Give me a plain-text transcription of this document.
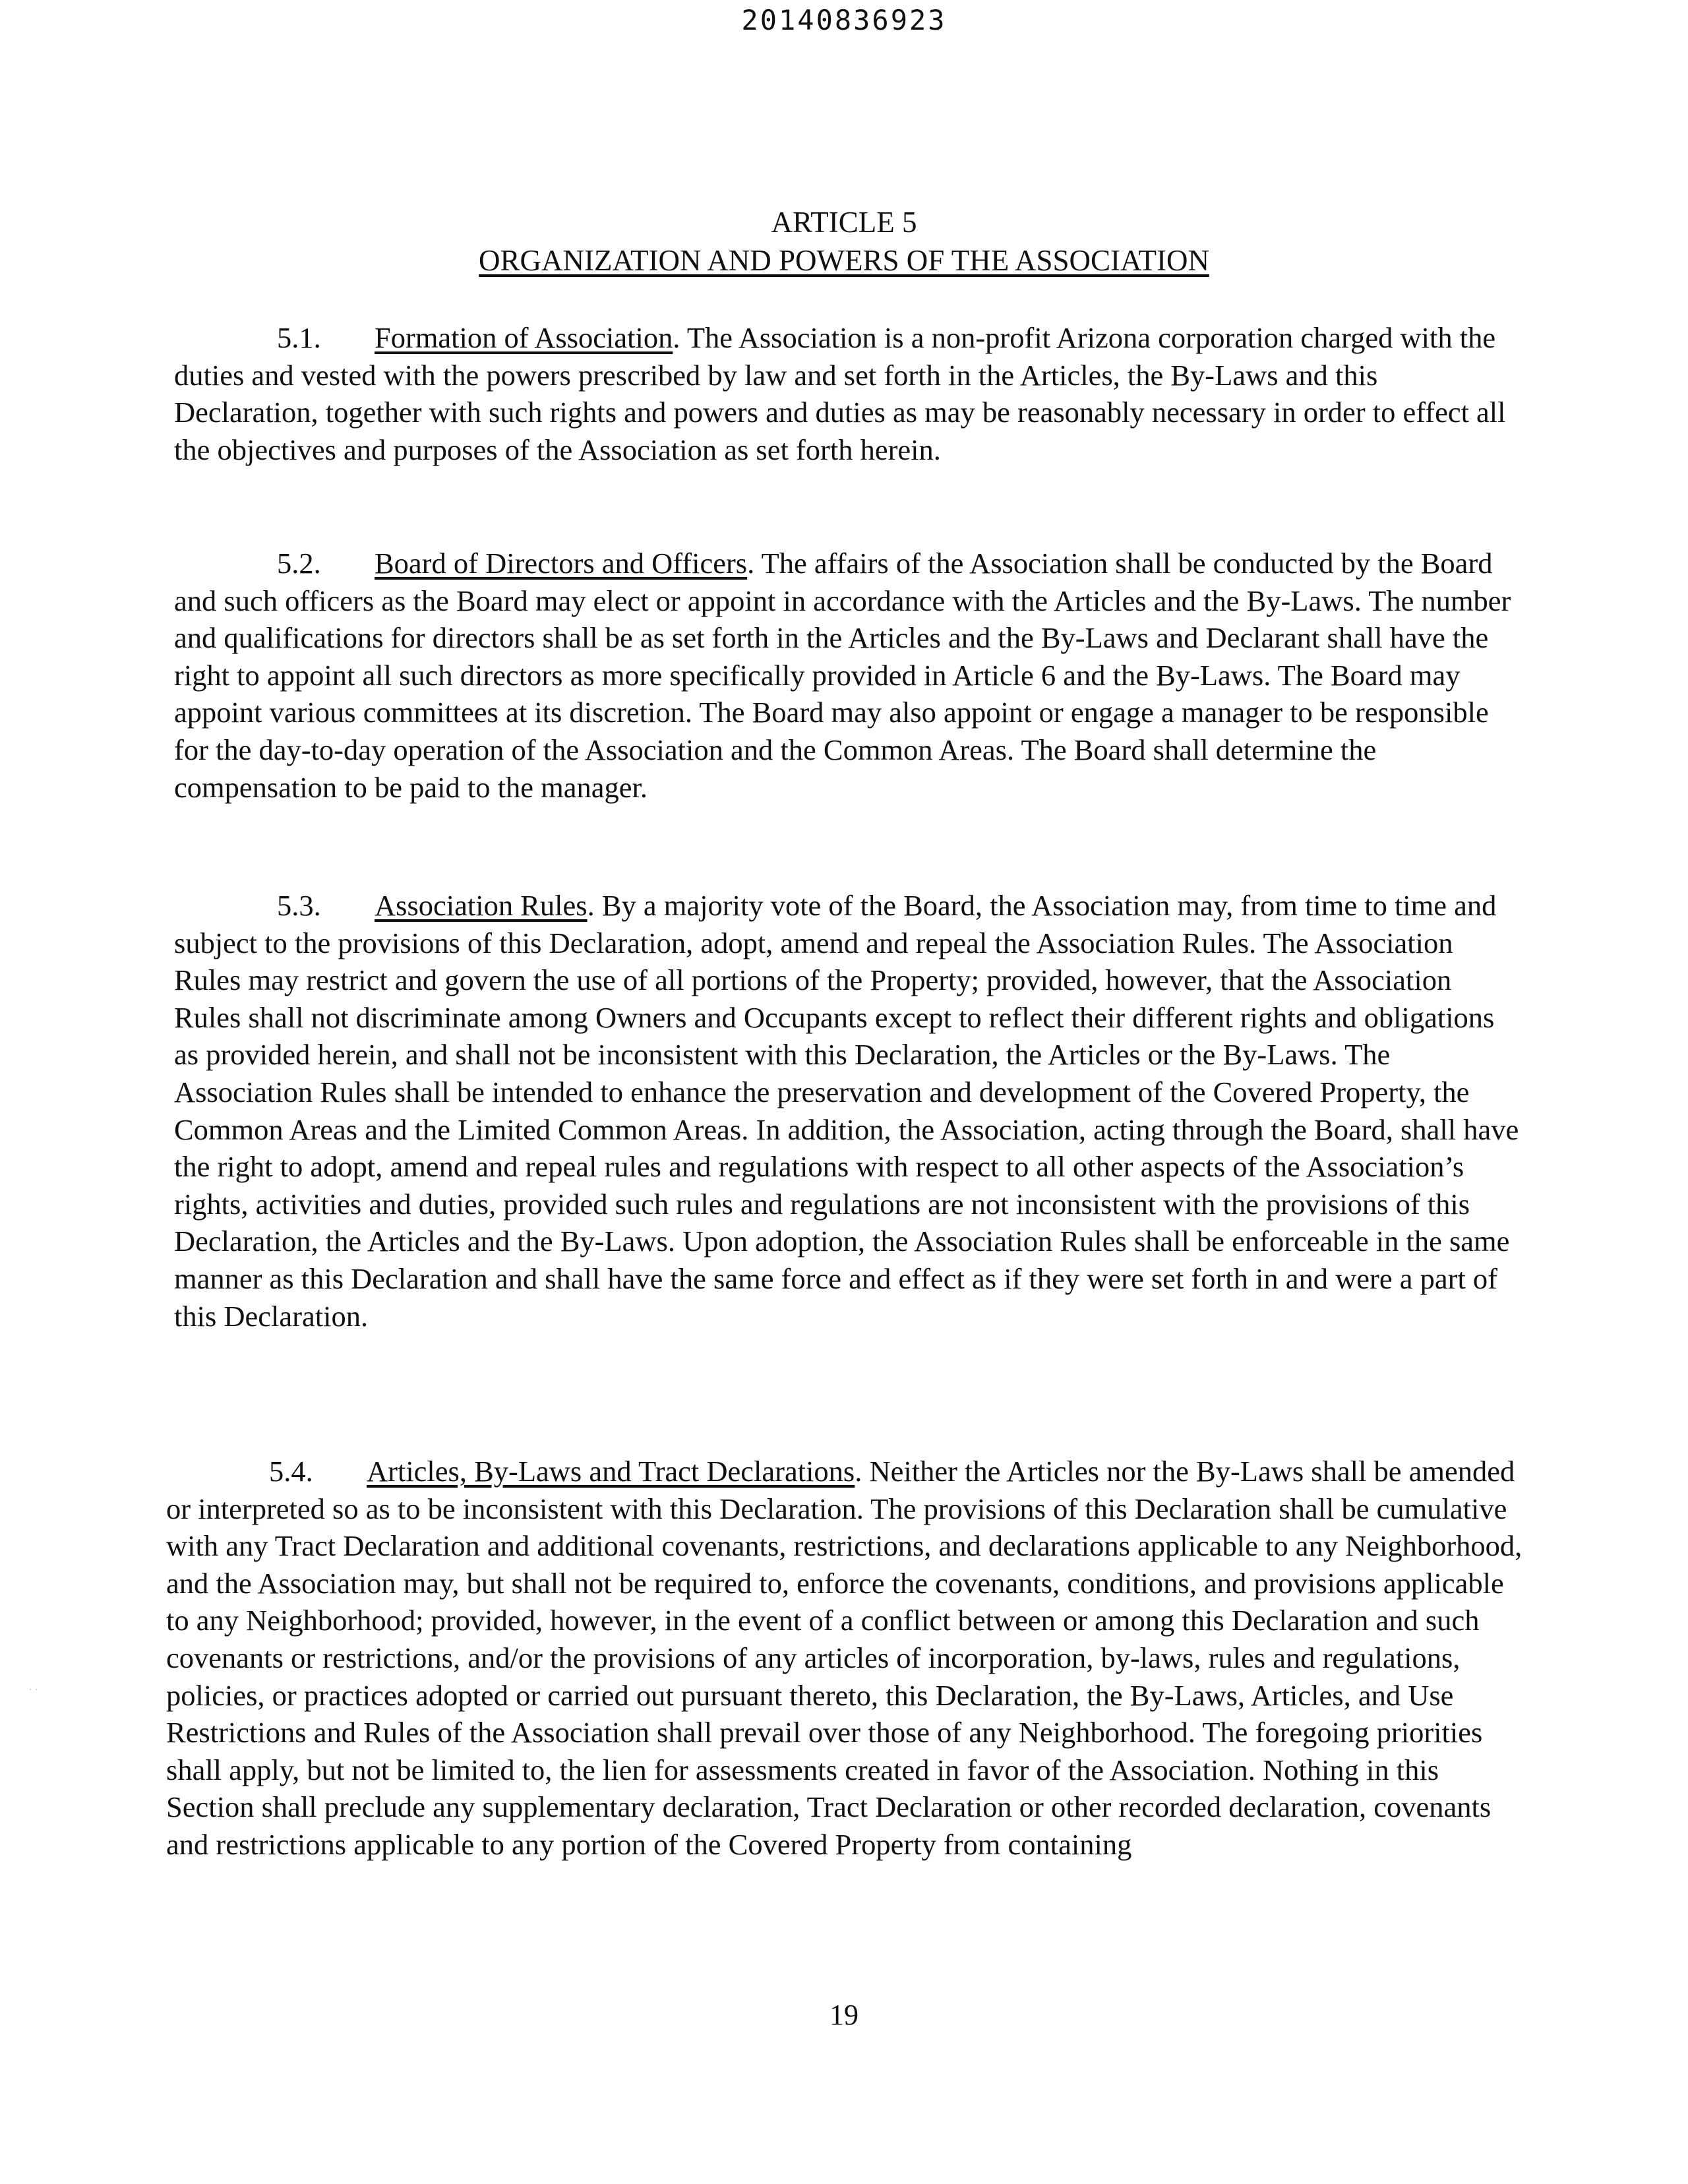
20140836923
ARTICLE 5
ORGANIZATION AND POWERS OF THE ASSOCIATION

5.1. Formation of Association. The Association is a non-profit Arizona corporation charged with the duties and vested with the powers prescribed by law and set forth in the Articles, the By-Laws and this Declaration, together with such rights and powers and duties as may be reasonably necessary in order to effect all the objectives and purposes of the Association as set forth herein.

5.2. Board of Directors and Officers. The affairs of the Association shall be conducted by the Board and such officers as the Board may elect or appoint in accordance with the Articles and the By-Laws. The number and qualifications for directors shall be as set forth in the Articles and the By-Laws and Declarant shall have the right to appoint all such directors as more specifically provided in Article 6 and the By-Laws. The Board may appoint various committees at its discretion. The Board may also appoint or engage a manager to be responsible for the day-to-day operation of the Association and the Common Areas. The Board shall determine the compensation to be paid to the manager.

5.3. Association Rules. By a majority vote of the Board, the Association may, from time to time and subject to the provisions of this Declaration, adopt, amend and repeal the Association Rules. The Association Rules may restrict and govern the use of all portions of the Property; provided, however, that the Association Rules shall not discriminate among Owners and Occupants except to reflect their different rights and obligations as provided herein, and shall not be inconsistent with this Declaration, the Articles or the By-Laws. The Association Rules shall be intended to enhance the preservation and development of the Covered Property, the Common Areas and the Limited Common Areas. In addition, the Association, acting through the Board, shall have the right to adopt, amend and repeal rules and regulations with respect to all other aspects of the Association’s rights, activities and duties, provided such rules and regulations are not inconsistent with the provisions of this Declaration, the Articles and the By-Laws. Upon adoption, the Association Rules shall be enforceable in the same manner as this Declaration and shall have the same force and effect as if they were set forth in and were a part of this Declaration.

5.4. Articles, By-Laws and Tract Declarations. Neither the Articles nor the By-Laws shall be amended or interpreted so as to be inconsistent with this Declaration. The provisions of this Declaration shall be cumulative with any Tract Declaration and additional covenants, restrictions, and declarations applicable to any Neighborhood, and the Association may, but shall not be required to, enforce the covenants, conditions, and provisions applicable to any Neighborhood; provided, however, in the event of a conflict between or among this Declaration and such covenants or restrictions, and/or the provisions of any articles of incorporation, by-laws, rules and regulations, policies, or practices adopted or carried out pursuant thereto, this Declaration, the By-Laws, Articles, and Use Restrictions and Rules of the Association shall prevail over those of any Neighborhood. The foregoing priorities shall apply, but not be limited to, the lien for assessments created in favor of the Association. Nothing in this Section shall preclude any supplementary declaration, Tract Declaration or other recorded declaration, covenants and restrictions applicable to any portion of the Covered Property from containing

19
· ·
